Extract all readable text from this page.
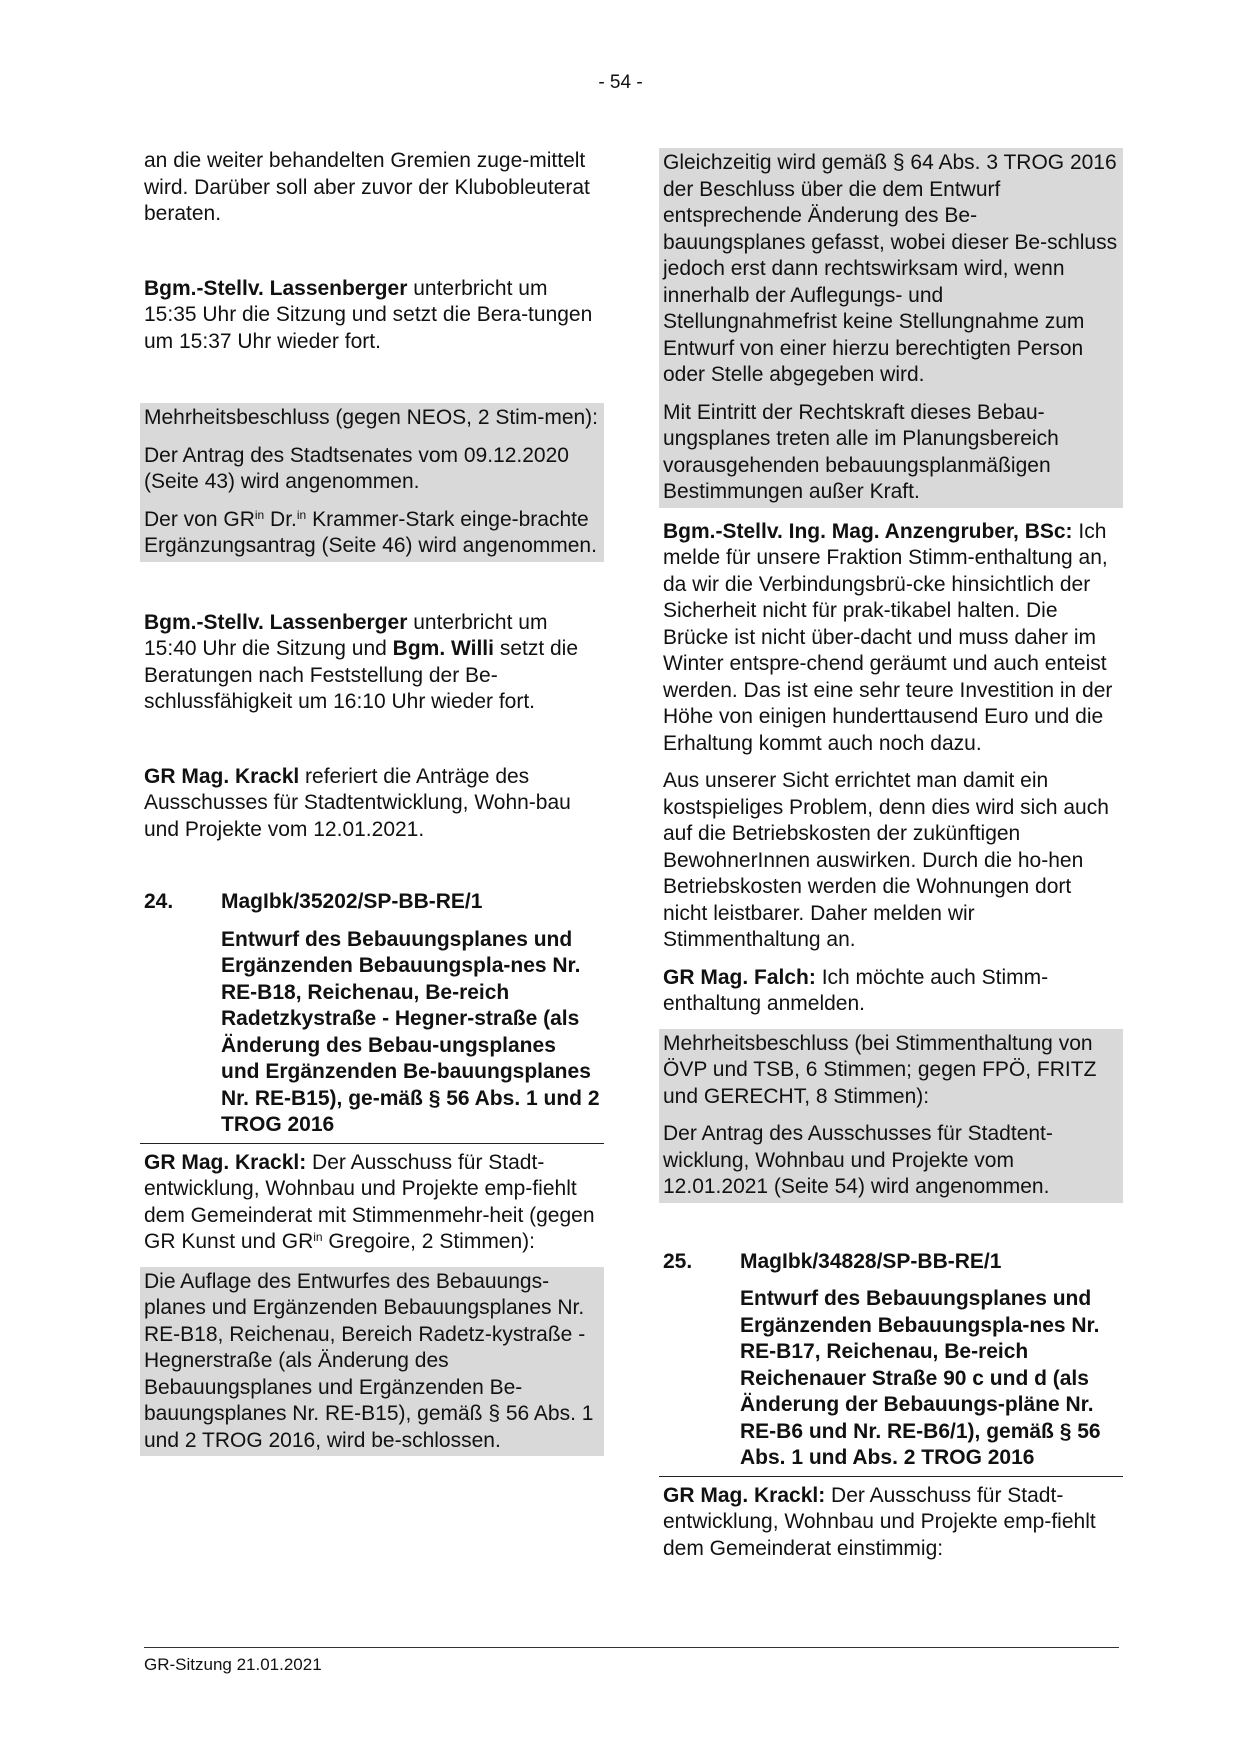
- 54 -

an die weiter behandelten Gremien zuge-mittelt wird. Darüber soll aber zuvor der Klubobleuterat beraten.

Bgm.-Stellv. Lassenberger unterbricht um 15:35 Uhr die Sitzung und setzt die Bera-tungen um 15:37 Uhr wieder fort.

Mehrheitsbeschluss (gegen NEOS, 2 Stim-men):

Der Antrag des Stadtsenates vom 09.12.2020 (Seite 43) wird angenommen.

Der von $GR^{in}$ Dr.$^{in}$ Krammer-Stark einge-brachte Ergänzungsantrag (Seite 46) wird angenommen.

Bgm.-Stellv. Lassenberger unterbricht um 15:40 Uhr die Sitzung und Bgm. Willi setzt die Beratungen nach Feststellung der Be-schlussfähigkeit um 16:10 Uhr wieder fort.

GR Mag. Krackl referiert die Anträge des Ausschusses für Stadtentwicklung, Wohn-bau und Projekte vom 12.01.2021.

24.	MagIbk/35202/SP-BB-RE/1
Entwurf des Bebauungsplanes und Ergänzenden Bebauungspla-nes Nr. RE-B18, Reichenau, Be-reich Radetzkystraße - Hegner-straße (als Änderung des Bebau-ungsplanes und Ergänzenden Be-bauungsplanes Nr. RE-B15), ge-mäß § 56 Abs. 1 und 2 TROG 2016

GR Mag. Krackl: Der Ausschuss für Stadt-entwicklung, Wohnbau und Projekte emp-fiehlt dem Gemeinderat mit Stimmenmehr-heit (gegen GR Kunst und $GR^{in}$ Gregoire, 2 Stimmen):

Die Auflage des Entwurfes des Bebauungs-planes und Ergänzenden Bebauungsplanes Nr. RE-B18, Reichenau, Bereich Radetz-kystraße - Hegnerstraße (als Änderung des Bebauungsplanes und Ergänzenden Be-bauungsplanes Nr. RE-B15), gemäß § 56 Abs. 1 und 2 TROG 2016, wird be-schlossen.

Gleichzeitig wird gemäß § 64 Abs. 3 TROG 2016 der Beschluss über die dem Entwurf entsprechende Änderung des Be-bauungsplanes gefasst, wobei dieser Be-schluss jedoch erst dann rechtswirksam wird, wenn innerhalb der Auflegungs- und Stellungnahmefrist keine Stellungnahme zum Entwurf von einer hierzu berechtigten Person oder Stelle abgegeben wird.

Mit Eintritt der Rechtskraft dieses Bebau-ungsplanes treten alle im Planungsbereich vorausgehenden bebauungsplanmäßigen Bestimmungen außer Kraft.

Bgm.-Stellv. Ing. Mag. Anzengruber, BSc: Ich melde für unsere Fraktion Stimm-enthaltung an, da wir die Verbindungsbrü-cke hinsichtlich der Sicherheit nicht für prak-tikabel halten. Die Brücke ist nicht über-dacht und muss daher im Winter entspre-chend geräumt und auch enteist werden. Das ist eine sehr teure Investition in der Höhe von einigen hunderttausend Euro und die Erhaltung kommt auch noch dazu.

Aus unserer Sicht errichtet man damit ein kostspieliges Problem, denn dies wird sich auch auf die Betriebskosten der zukünftigen BewohnerInnen auswirken. Durch die ho-hen Betriebskosten werden die Wohnungen dort nicht leistbarer. Daher melden wir Stimmenthaltung an.

GR Mag. Falch: Ich möchte auch Stimm-enthaltung anmelden.

Mehrheitsbeschluss (bei Stimmenthaltung von ÖVP und TSB, 6 Stimmen; gegen FPÖ, FRITZ und GERECHT, 8 Stimmen):

Der Antrag des Ausschusses für Stadtent-wicklung, Wohnbau und Projekte vom 12.01.2021 (Seite 54) wird angenommen.

25.	MagIbk/34828/SP-BB-RE/1
Entwurf des Bebauungsplanes und Ergänzenden Bebauungspla-nes Nr. RE-B17, Reichenau, Be-reich Reichenauer Straße 90 c und d (als Änderung der Bebauungs-pläne Nr. RE-B6 und Nr. RE-B6/1), gemäß § 56 Abs. 1 und Abs. 2 TROG 2016

GR Mag. Krackl: Der Ausschuss für Stadt-entwicklung, Wohnbau und Projekte emp-fiehlt dem Gemeinderat einstimmig:

GR-Sitzung 21.01.2021
